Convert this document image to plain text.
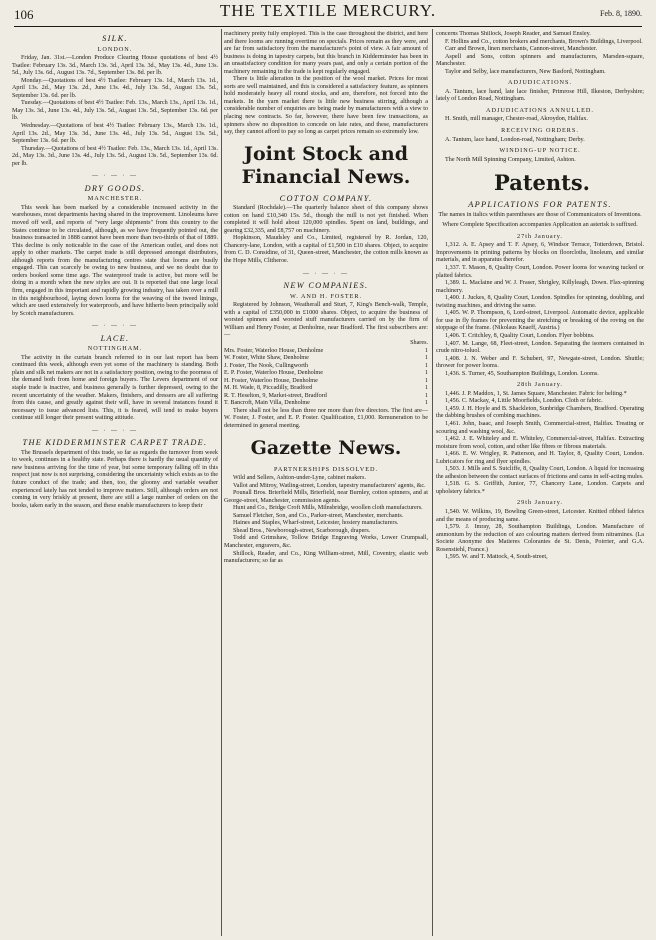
106	THE TEXTILE MERCURY.	Feb. 8, 1890.
SILK.
LONDON.

Friday, Jan. 31st.—London Produce Clearing House quotations of best 4½ Tsatlee: February 13s. 3d., March 13s. 3d., April 13s. 3d., May 13s. 4d., June 13s. 5d., July 13s. 6d., August 13s. 7d., September 13s. 8d. per lb.

Monday.—Quotations of best 4½ Tsatlee: February 13s. 1d., March 13s. 1d., April 13s. 2d., May 13s. 2d., June 13s. 4d., July 13s. 5d., August 13s. 5d., September 13s. 6d. per lb.

Tuesday.—Quotations of best 4½ Tsatlee: Feb. 13s., March 13s., April 13s. 1d., May 13s. 3d., June 13s. 4d., July 13s. 5d., August 13s. 5d., September 13s. 6d. per lb.

Wednesday.—Quotations of best 4½ Tsatlee: February 13s., March 13s. 1d., April 13s. 2d., May 13s. 3d., June 13s. 4d., July 13s. 5d., August 13s. 5d., September 13s. 6d. per lb.

Thursday.—Quotations of best 4½ Tsatlee: Feb. 13s., March 13s. 1d., April 13s. 2d., May 13s. 3d., June 13s. 4d., July 13s. 5d., August 13s. 5d., September 13s. 6d. per lb.

― · ― · ―
DRY GOODS.
MANCHESTER.

This week has been marked by a considerable increased activity in the warehouses, most departments having shared in the improvement. Linoleums have moved off well, and reports of "very large shipments" from this country to the States continue to be circulated, although, as we have frequently pointed out, the business transacted in 1888 cannot have been more than two-thirds of that of 1889. This decline is only noticeable in the case of the American outlet, and does not apply to other markets. The carpet trade is still depressed amongst distributors, although reports from the manufacturing centres state that looms are busily engaged. This can scarcely be owing to new business, and we no doubt due to orders booked some time ago. The waterproof trade is active, but more will be doing in a month when the new styles are out. It is reported that one large local firm, engaged in this important and rapidly growing industry, has taken over a mill in this neighbourhood, laying down looms for the weaving of the tweed linings, which are used extensively for waterproofs, and have hitherto been principally sold by Scotch manufacturers.

― · ― · ―
LACE.
NOTTINGHAM.

The activity in the curtain branch referred to in our last report has been continued this week, although even yet some of the machinery is standing. Both plain and silk net makers are not in a satisfactory position, owing to the poorness of the demand both from home and foreign buyers. The Levers department of our staple trade is inactive, and business generally is further depressed, owing to the recent uncertainty of the weather. Makers, finishers, and dressers are all suffering from this cause, and greatly against their will, have in several instances found it necessary to issue advanced lists. This, it is feared, will tend to make buyers continue still longer their present waiting attitude.

― · ― · ―
THE KIDDERMINSTER CARPET TRADE.

The Brussels department of this trade, so far as regards the turnover from week to week, continues in a healthy state. Perhaps there is hardly the usual quantity of new business arriving for the time of year, but some temporary falling off in this respect just now is not surprising, considering the uncertainty which exists as to the future conduct of the trade; and then, too, the gloomy and variable weather experienced lately has not tended to improve matters. Still, although orders are not coming in very briskly at present, there are still a large number of orders on the books, taken early in the season, and these enable manufacturers to keep their

machinery pretty fully employed. This is the case throughout the district, and here and there looms are running overtime on specials. Prices remain as they were, and are far from satisfactory from the manufacturer's point of view. A fair amount of business is doing in tapestry carpets, but this branch in Kidderminster has been in an unsatisfactory condition for many years past, and only a certain portion of the machinery remaining in the trade is kept regularly engaged.

There is little alteration in the position of the wool market. Prices for most sorts are well maintained, and this is considered a satisfactory feature, as spinners hold moderately heavy all round stocks, and are, therefore, not forced into the markets. In the yarn market there is little new business stirring, although a considerable number of enquiries are being made by manufacturers with a view to placing new contracts. So far, however, there have been few transactions, as spinners show no disposition to concede on late rates, and these, manufacturers say, they cannot afford to pay so long as carpet prices remain so extremely low.

Joint Stock and Financial News.
COTTON COMPANY.

Standard (Rochdale).—The quarterly balance sheet of this company shows cotton on hand £10,340 15s. 5d., though the mill is not yet finished. When completed it will hold about 120,000 spindles. Spent on land, buildings, and gearing £32,335, and £8,757 on machinery.

Hopkinson, Maudsley and Co., Limited, registered by R. Jordan, 120, Chancery-lane, London, with a capital of £1,500 in £10 shares. Object, to acquire from C. D. Considine, of 31, Queen-street, Manchester, the cotton mills known as the Hope Mills, Clitheroe.

― · ― · ―
NEW COMPANIES.
W. AND H. FOSTER.

Registered by Johnson, Weatherall and Sturt, 7, King's Bench-walk, Temple, with a capital of £350,000 in £1000 shares. Object, to acquire the business of worsted spinners and worsted stuff manufacturers carried on by the firm of William and Henry Foster, at Denholme, near Bradford. The first subscribers are:—

Shares.
Mrs. Foster, Waterloo House, Denholme	1
W. Foster, White Shaw, Denholme	1
J. Foster, The Nook, Cullingworth	1
E. P. Foster, Waterloo House, Denholme	1
H. Foster, Waterloo House, Denholme	1
M. H. Wade, 8, Piccadilly, Bradford	1
R. T. Heselton, 9, Market-street, Bradford	1
T. Bancroft, Main Villa, Denholme	1

There shall not be less than three nor more than five directors. The first are—W. Foster, J. Foster, and E. P. Foster. Qualification, £1,000. Remuneration to be determined in general meeting.

Gazette News.
PARTNERSHIPS DISSOLVED.

Wild and Sellers, Ashton-under-Lyne, cabinet makers.

Vallot and Mitroy, Watling-street, London, tapestry manufacturers' agents, &c.

Pounall Bros. Brierfield Mills, Brierfield, near Burnley, cotton spinners, and at George-street, Manchester, commission agents.

Hunt and Co., Bridge Croft Mills, Milnsbridge, woollen cloth manufacturers.

Samuel Fletcher, Son, and Co., Parker-street, Manchester, merchants.

Haines and Staples, Wharf-street, Leicester, hosiery manufacturers.

Shead Bros., Newborough-street, Scarborough, drapers.

Todd and Grimshaw, Tollow Bridge Engraving Works, Lower Crumpsall, Manchester, engravers, &c.

Shillock, Reader, and Co., King William-street, Mill, Coventry, elastic web manufacturers; so far as

concerns Thomas Shillock, Joseph Reader, and Samuel Ensley.

F. Hollins and Co., cotton brokers and merchants, Brown's Buildings, Liverpool.

Carr and Brown, linen merchants, Cannon-street, Manchester.

Aspell and Sons, cotton spinners and manufacturers, Marsden-square, Manchester.

Taylor and Selby, lace manufacturers, New Basford, Nottingham.

ADJUDICATIONS.

A. Tantum, lace hand, late lace finisher, Primrose Hill, Ilkeston, Derbyshire; lately of London Road, Nottingham.

ADJUDICATIONS ANNULLED.

H. Smith, mill manager, Chester-road, Akroydon, Halifax.

RECEIVING ORDERS.

A. Tantum, lace hand, London-road, Nottingham; Derby.

WINDING-UP NOTICE.

The North Mill Spinning Company, Limited, Ashton.

Patents.
APPLICATIONS FOR PATENTS.

The names in italics within parentheses are those of Communicators of Inventions.

Where Complete Specification accompanies Application an asterisk is suffixed.

27th January.

1,312. A. E. Apsey and T. F. Apsey, 6, Windsor Terrace, Totterdown, Bristol. Improvements in printing patterns by blocks on floorcloths, linoleum, and similar materials, and in apparatus therefor.

1,337. T. Mason, 8, Quality Court, London. Power looms for weaving tucked or plaited fabrics.

1,389. L. Maclaine and W. J. Fraser, Shrigley, Killyleagh, Down. Flax-spinning machinery.

1,400. J. Juckes, 8, Quality Court, London. Spindles for spinning, doubling, and twisting machines, and driving the same.

1,405. W. P. Thompson, 6, Lord-street, Liverpool. Automatic device, applicable for use in fly frames for preventing the stretching or breaking of the roving on the stoppage of the frame. (Nikolaus Knaeff, Austria.)

1,406. T. Critchley, 8, Quality Court, London. Flyer bobbins.

1,407. M. Lange, 68, Fleet-street, London. Separating the isomers contained in crude nitro-toluol.

1,408. J. N. Weber and F. Schubert, 97, Newgate-street, London. Shuttle; thrower for power looms.

1,436. S. Turner, 45, Southampton Buildings, London. Looms.

28th January.

1,446. J. P. Maddox, 1, St. James Square, Manchester. Fabric for belting.*

1,456. C. Mackay, 4, Little Moorfields, London. Cloth or fabric.

1,459. J. H. Hoyle and B. Shackleton, Sunbridge Chambers, Bradford. Operating the dabbing brushes of combing machines.

1,461. John, Isaac, and Joseph Smith, Commercial-street, Halifax. Treating or scouring and washing wool, &c.

1,462. J. E. Whiteley and E. Whiteley, Commercial-street, Halifax. Extracting moisture from wool, cotton, and other like fibres or fibrous materials.

1,466. E. W. Wrigley, R. Patterson, and H. Taylor, 8, Quality Court, London. Lubricators for ring and flyer spindles.

1,503. J. Mills and S. Sutcliffe, 8, Quality Court, London. A liquid for increasing the adhesion between the contact surfaces of frictions and cams in self-acting mules.

1,518. G. S. Griffith, Junior, 77, Chancery Lane, London. Carpets and upholstery fabrics.*

29th January.

1,540. W. Wilkins, 19, Bowling Green-street, Leicester. Knitted ribbed fabrics and the means of producing same.

1,579. J. Imray, 28, Southampton Buildings, London. Manufacture of ammonium by the reduction of azo colouring matters derived from nitramines. (La Societe Anonyme des Matieres Colorantes de St. Denis, Poirrier, and G.A. Rosenstiehl, France.)

1,595. W. and T. Mattock, 4, South-street,
